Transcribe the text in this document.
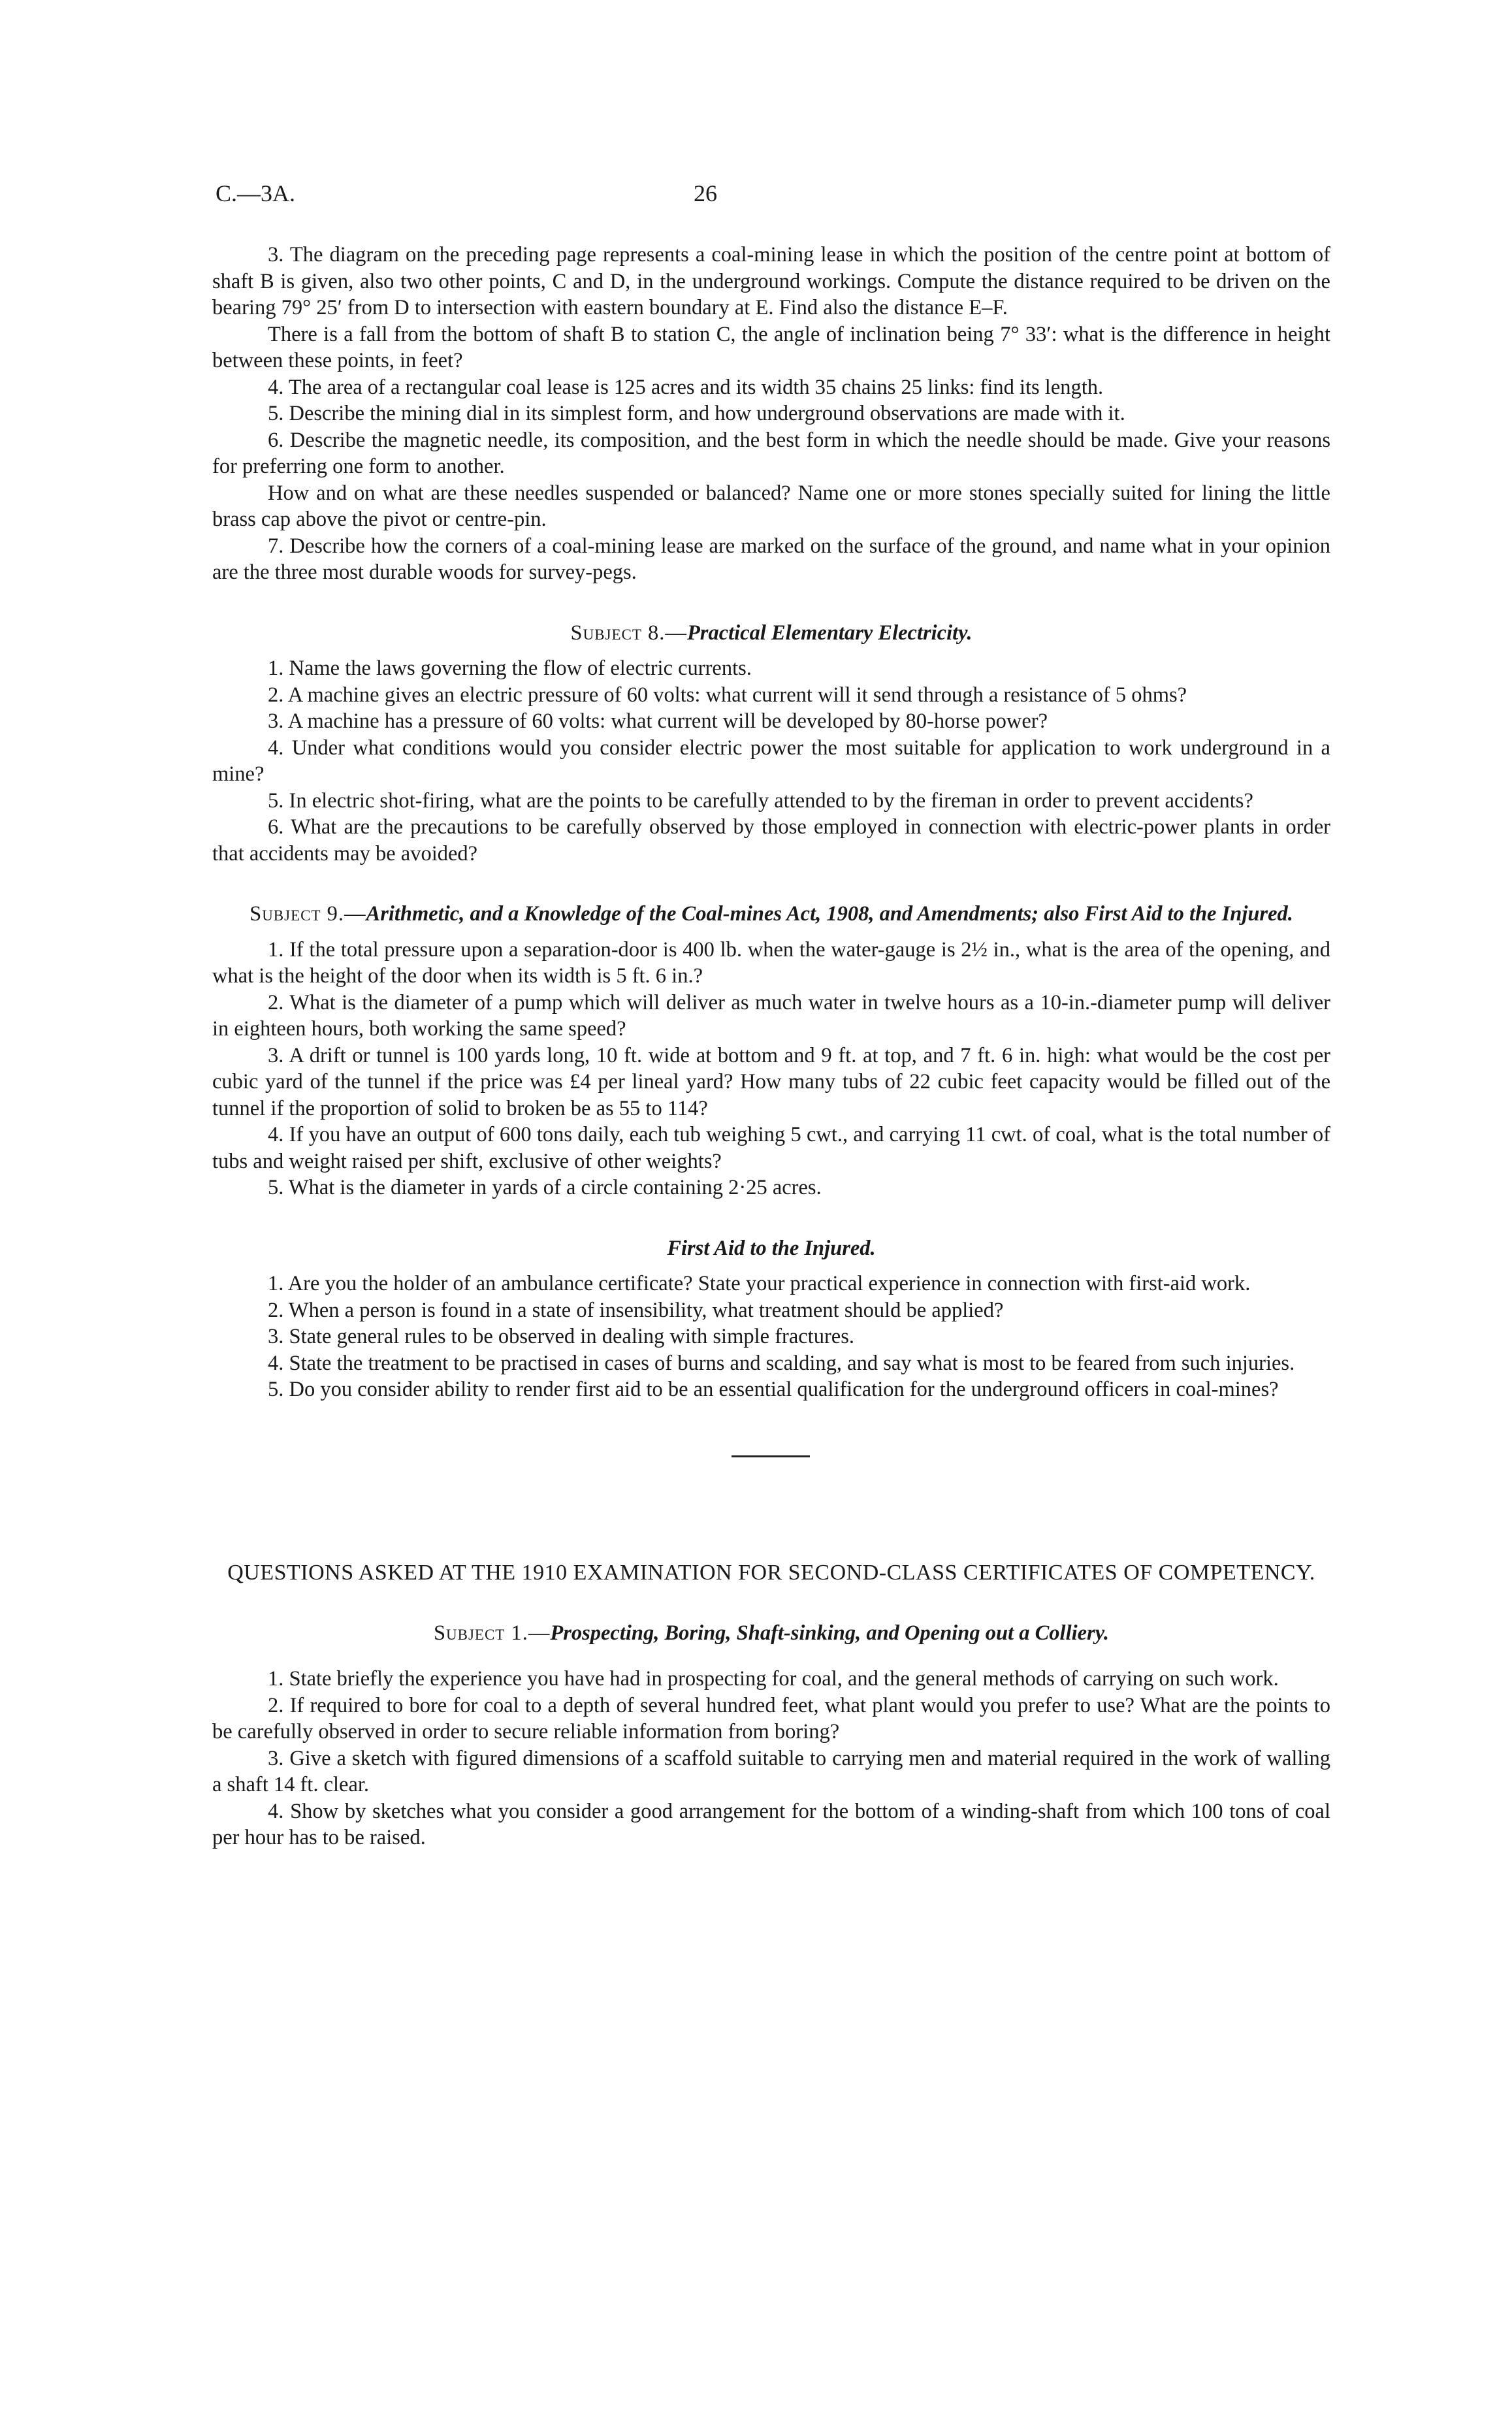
C.—3A.	26

3. The diagram on the preceding page represents a coal-mining lease in which the position of the centre point at bottom of shaft B is given, also two other points, C and D, in the underground workings. Compute the distance required to be driven on the bearing 79° 25′ from D to intersection with eastern boundary at E. Find also the distance E–F.

There is a fall from the bottom of shaft B to station C, the angle of inclination being 7° 33′: what is the difference in height between these points, in feet?

4. The area of a rectangular coal lease is 125 acres and its width 35 chains 25 links: find its length.

5. Describe the mining dial in its simplest form, and how underground observations are made with it.

6. Describe the magnetic needle, its composition, and the best form in which the needle should be made. Give your reasons for preferring one form to another.

How and on what are these needles suspended or balanced? Name one or more stones specially suited for lining the little brass cap above the pivot or centre-pin.

7. Describe how the corners of a coal-mining lease are marked on the surface of the ground, and name what in your opinion are the three most durable woods for survey-pegs.

Subject 8.—Practical Elementary Electricity.

1. Name the laws governing the flow of electric currents.

2. A machine gives an electric pressure of 60 volts: what current will it send through a resistance of 5 ohms?

3. A machine has a pressure of 60 volts: what current will be developed by 80-horse power?

4. Under what conditions would you consider electric power the most suitable for application to work underground in a mine?

5. In electric shot-firing, what are the points to be carefully attended to by the fireman in order to prevent accidents?

6. What are the precautions to be carefully observed by those employed in connection with electric-power plants in order that accidents may be avoided?

Subject 9.—Arithmetic, and a Knowledge of the Coal-mines Act, 1908, and Amendments; also First Aid to the Injured.

1. If the total pressure upon a separation-door is 400 lb. when the water-gauge is 2½ in., what is the area of the opening, and what is the height of the door when its width is 5 ft. 6 in.?

2. What is the diameter of a pump which will deliver as much water in twelve hours as a 10-in.-diameter pump will deliver in eighteen hours, both working the same speed?

3. A drift or tunnel is 100 yards long, 10 ft. wide at bottom and 9 ft. at top, and 7 ft. 6 in. high: what would be the cost per cubic yard of the tunnel if the price was £4 per lineal yard? How many tubs of 22 cubic feet capacity would be filled out of the tunnel if the proportion of solid to broken be as 55 to 114?

4. If you have an output of 600 tons daily, each tub weighing 5 cwt., and carrying 11 cwt. of coal, what is the total number of tubs and weight raised per shift, exclusive of other weights?

5. What is the diameter in yards of a circle containing 2·25 acres.

First Aid to the Injured.

1. Are you the holder of an ambulance certificate? State your practical experience in connection with first-aid work.

2. When a person is found in a state of insensibility, what treatment should be applied?

3. State general rules to be observed in dealing with simple fractures.

4. State the treatment to be practised in cases of burns and scalding, and say what is most to be feared from such injuries.

5. Do you consider ability to render first aid to be an essential qualification for the underground officers in coal-mines?

QUESTIONS ASKED AT THE 1910 EXAMINATION FOR SECOND-CLASS CERTIFICATES OF COMPETENCY.

Subject 1.—Prospecting, Boring, Shaft-sinking, and Opening out a Colliery.

1. State briefly the experience you have had in prospecting for coal, and the general methods of carrying on such work.

2. If required to bore for coal to a depth of several hundred feet, what plant would you prefer to use? What are the points to be carefully observed in order to secure reliable information from boring?

3. Give a sketch with figured dimensions of a scaffold suitable to carrying men and material required in the work of walling a shaft 14 ft. clear.

4. Show by sketches what you consider a good arrangement for the bottom of a winding-shaft from which 100 tons of coal per hour has to be raised.
